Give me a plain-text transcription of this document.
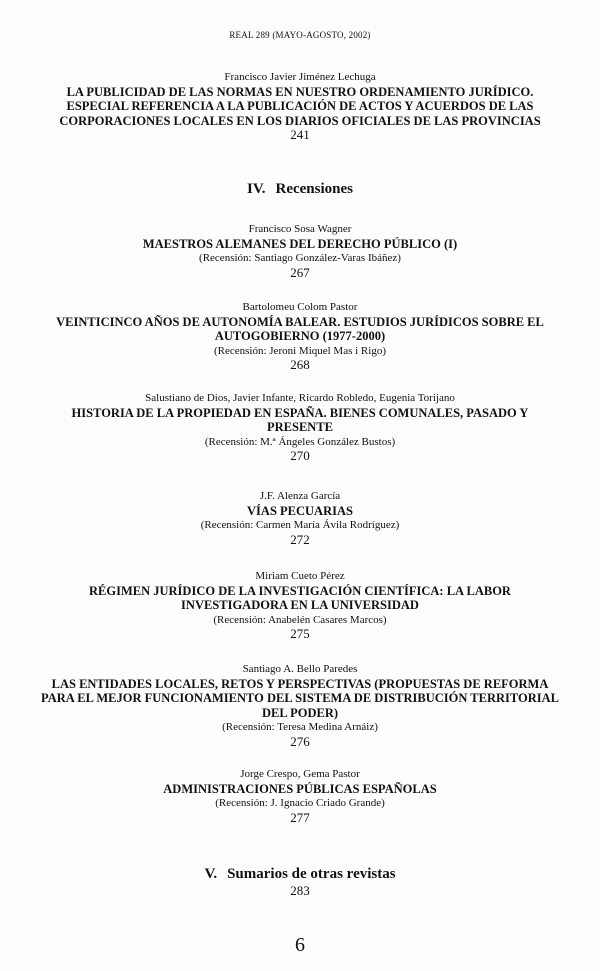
REAL 289 (MAYO-AGOSTO, 2002)
Francisco Javier Jiménez Lechuga
LA PUBLICIDAD DE LAS NORMAS EN NUESTRO ORDENAMIENTO JURÍDICO.
ESPECIAL REFERENCIA A LA PUBLICACIÓN DE ACTOS Y ACUERDOS DE LAS
CORPORACIONES LOCALES EN LOS DIARIOS OFICIALES DE LAS PROVINCIAS
241
IV. Recensiones
Francisco Sosa Wagner
MAESTROS ALEMANES DEL DERECHO PÚBLICO (I)
(Recensión: Santiago González-Varas Ibáñez)
267
Bartolomeu Colom Pastor
VEINTICINCO AÑOS DE AUTONOMÍA BALEAR. ESTUDIOS JURÍDICOS SOBRE EL
AUTOGOBIERNO (1977-2000)
(Recensión: Jeroni Miquel Mas i Rigo)
268
Salustiano de Dios, Javier Infante, Ricardo Robledo, Eugenia Torijano
HISTORIA DE LA PROPIEDAD EN ESPAÑA. BIENES COMUNALES, PASADO Y
PRESENTE
(Recensión: M.ª Ángeles González Bustos)
270
J.F. Alenza García
VÍAS PECUARIAS
(Recensión: Carmen María Ávila Rodríguez)
272
Miriam Cueto Pérez
RÉGIMEN JURÍDICO DE LA INVESTIGACIÓN CIENTÍFICA: LA LABOR
INVESTIGADORA EN LA UNIVERSIDAD
(Recensión: Anabelén Casares Marcos)
275
Santiago A. Bello Paredes
LAS ENTIDADES LOCALES, RETOS Y PERSPECTIVAS (PROPUESTAS DE REFORMA
PARA EL MEJOR FUNCIONAMIENTO DEL SISTEMA DE DISTRIBUCIÓN TERRITORIAL
DEL PODER)
(Recensión: Teresa Medina Arnáiz)
276
Jorge Crespo, Gema Pastor
ADMINISTRACIONES PÚBLICAS ESPAÑOLAS
(Recensión: J. Ignacio Criado Grande)
277
V. Sumarios de otras revistas
283
6
